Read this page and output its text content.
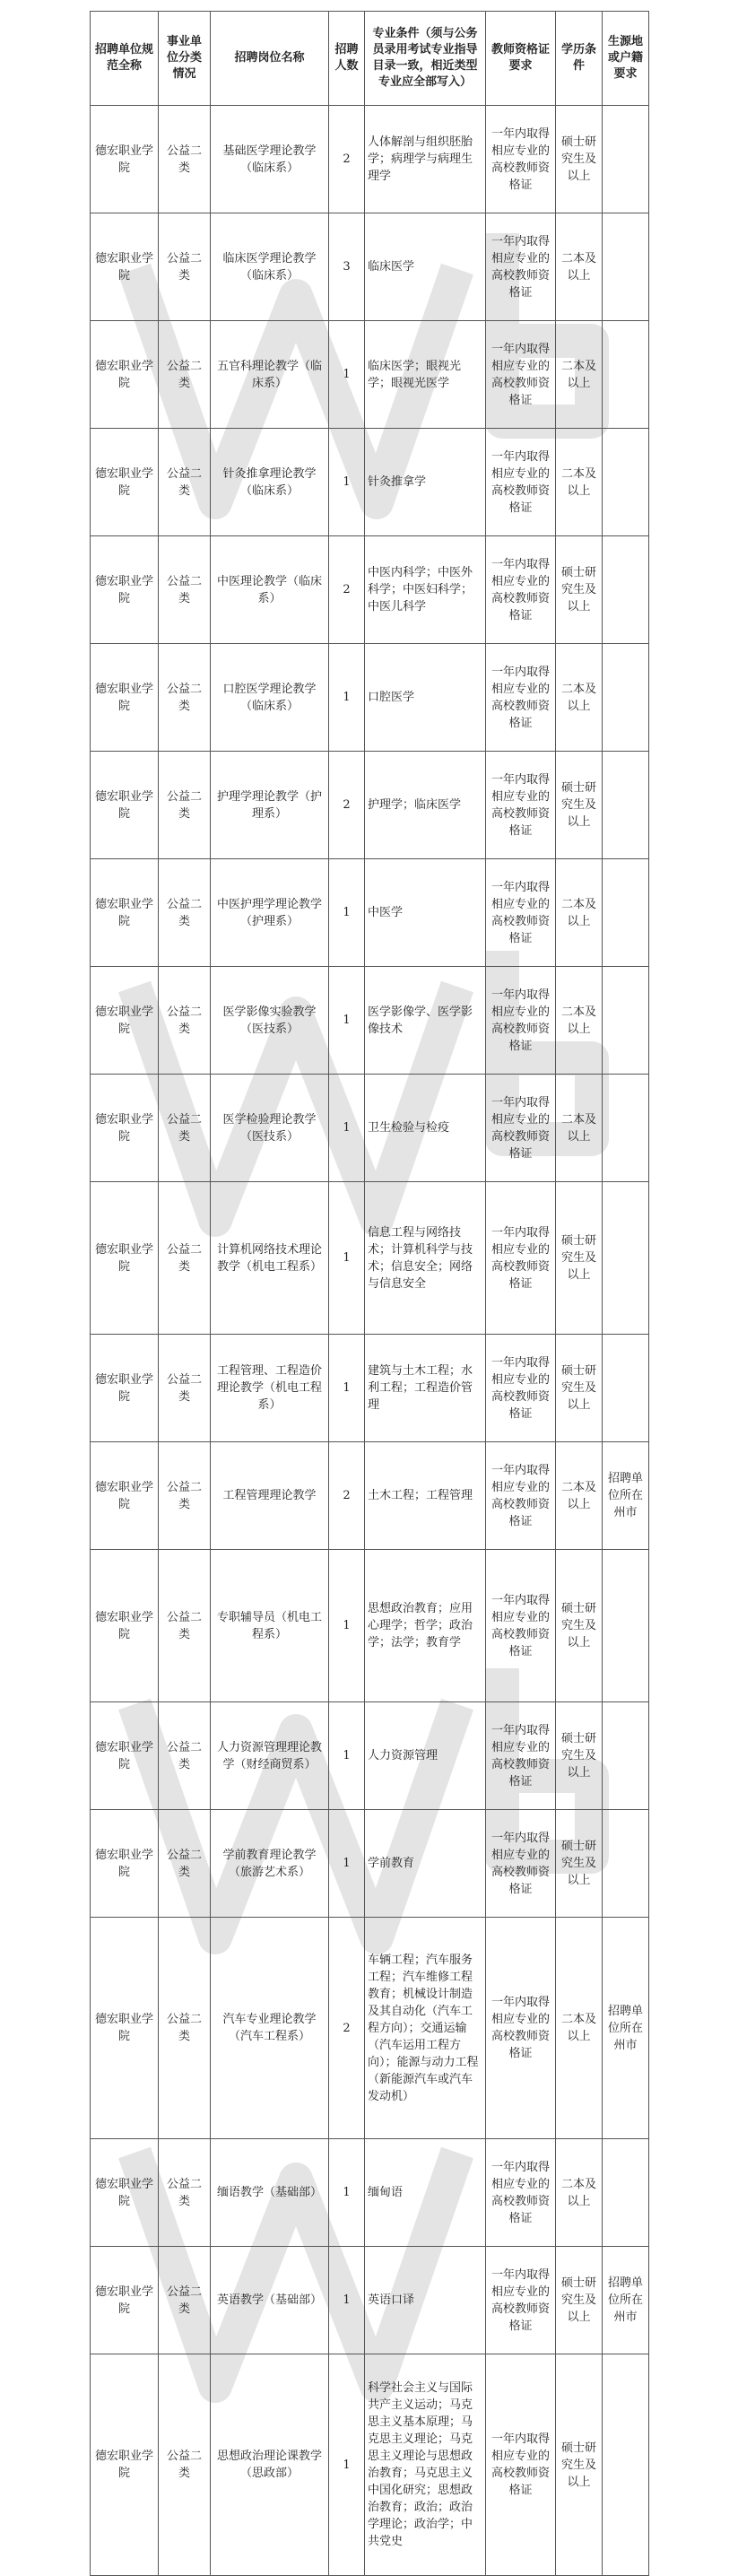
招聘单位规范全称	事业单位分类情况	招聘岗位名称	招聘人数	专业条件（须与公务员录用考试专业指导目录一致，相近类型专业应全部写入）	教师资格证要求	学历条件	生源地或户籍要求
德宏职业学院	公益二类	基础医学理论教学（临床系）	2	人体解剖与组织胚胎学；病理学与病理生理学	一年内取得相应专业的高校教师资格证	硕士研究生及以上	
德宏职业学院	公益二类	临床医学理论教学（临床系）	3	临床医学	一年内取得相应专业的高校教师资格证	二本及以上	
德宏职业学院	公益二类	五官科理论教学（临床系）	1	临床医学；眼视光学；眼视光医学	一年内取得相应专业的高校教师资格证	二本及以上	
德宏职业学院	公益二类	针灸推拿理论教学（临床系）	1	针灸推拿学	一年内取得相应专业的高校教师资格证	二本及以上	
德宏职业学院	公益二类	中医理论教学（临床系）	2	中医内科学；中医外科学；中医妇科学；中医儿科学	一年内取得相应专业的高校教师资格证	硕士研究生及以上	
德宏职业学院	公益二类	口腔医学理论教学（临床系）	1	口腔医学	一年内取得相应专业的高校教师资格证	二本及以上	
德宏职业学院	公益二类	护理学理论教学（护理系）	2	护理学；临床医学	一年内取得相应专业的高校教师资格证	硕士研究生及以上	
德宏职业学院	公益二类	中医护理学理论教学（护理系）	1	中医学	一年内取得相应专业的高校教师资格证	二本及以上	
德宏职业学院	公益二类	医学影像实验教学（医技系）	1	医学影像学、医学影像技术	一年内取得相应专业的高校教师资格证	二本及以上	
德宏职业学院	公益二类	医学检验理论教学（医技系）	1	卫生检验与检疫	一年内取得相应专业的高校教师资格证	二本及以上	
德宏职业学院	公益二类	计算机网络技术理论教学（机电工程系）	1	信息工程与网络技术；计算机科学与技术；信息安全；网络与信息安全	一年内取得相应专业的高校教师资格证	硕士研究生及以上	
德宏职业学院	公益二类	工程管理、工程造价理论教学（机电工程系）	1	建筑与土木工程；水利工程；工程造价管理	一年内取得相应专业的高校教师资格证	硕士研究生及以上	
德宏职业学院	公益二类	工程管理理论教学	2	土木工程；工程管理	一年内取得相应专业的高校教师资格证	二本及以上	招聘单位所在州市
德宏职业学院	公益二类	专职辅导员（机电工程系）	1	思想政治教育；应用心理学；哲学；政治学；法学；教育学	一年内取得相应专业的高校教师资格证	硕士研究生及以上	
德宏职业学院	公益二类	人力资源管理理论教学（财经商贸系）	1	人力资源管理	一年内取得相应专业的高校教师资格证	硕士研究生及以上	
德宏职业学院	公益二类	学前教育理论教学（旅游艺术系）	1	学前教育	一年内取得相应专业的高校教师资格证	硕士研究生及以上	
德宏职业学院	公益二类	汽车专业理论教学（汽车工程系）	2	车辆工程；汽车服务工程；汽车维修工程教育；机械设计制造及其自动化（汽车工程方向）；交通运输（汽车运用工程方向）；能源与动力工程（新能源汽车或汽车发动机）	一年内取得相应专业的高校教师资格证	二本及以上	招聘单位所在州市
德宏职业学院	公益二类	缅语教学（基础部）	1	缅甸语	一年内取得相应专业的高校教师资格证	二本及以上	
德宏职业学院	公益二类	英语教学（基础部）	1	英语口译	一年内取得相应专业的高校教师资格证	硕士研究生及以上	招聘单位所在州市
德宏职业学院	公益二类	思想政治理论课教学（思政部）	1	科学社会主义与国际共产主义运动；马克思主义基本原理；马克思主义理论；马克思主义理论与思想政治教育；马克思主义中国化研究；思想政治教育；政治；政治学理论；政治学；中共党史	一年内取得相应专业的高校教师资格证	硕士研究生及以上	
